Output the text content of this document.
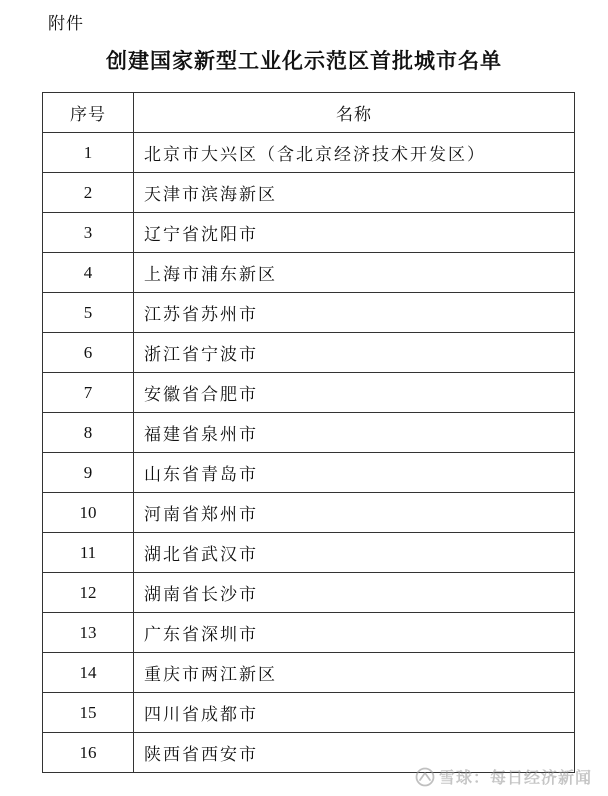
附件
创建国家新型工业化示范区首批城市名单
序号	名称
1	北京市大兴区（含北京经济技术开发区）
2	天津市滨海新区
3	辽宁省沈阳市
4	上海市浦东新区
5	江苏省苏州市
6	浙江省宁波市
7	安徽省合肥市
8	福建省泉州市
9	山东省青岛市
10	河南省郑州市
11	湖北省武汉市
12	湖南省长沙市
13	广东省深圳市
14	重庆市两江新区
15	四川省成都市
16	陕西省西安市
雪球：每日经济新闻
